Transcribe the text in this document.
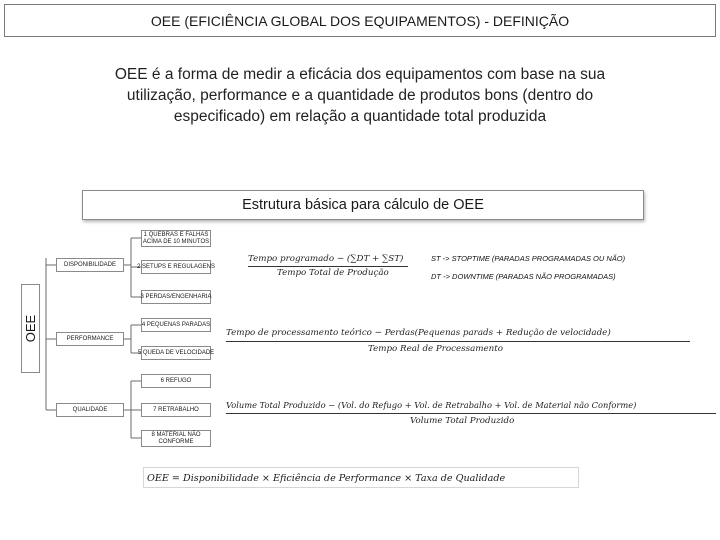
OEE (EFICIÊNCIA GLOBAL DOS EQUIPAMENTOS) - DEFINIÇÃO
OEE é a forma de medir a eficácia dos equipamentos com base na sua utilização, performance e a quantidade de produtos bons (dentro do especificado) em relação a quantidade total produzida
Estrutura básica para cálculo de OEE
OEE
DISPONIBILIDADE
PERFORMANCE
QUALIDADE
1 QUEBRAS E FALHAS ACIMA DE 10 MINUTOS
2 SETUPS E REGULAGENS
3 PERDAS/ENGENHARIA
4 PEQUENAS PARADAS
5 QUEDA DE VELOCIDADE
6 REFUGO
7 RETRABALHO
8 MATERIAL NÃO CONFORME
Tempo programado − (∑DT + ∑ST)
Tempo Total de Produção
ST -> STOPTIME (PARADAS PROGRAMADAS OU NÃO)
DT -> DOWNTIME (PARADAS NÃO PROGRAMADAS)
Tempo de processamento teórico − Perdas(Pequenas parads + Redução de velocidade)
Tempo Real de Processamento
Volume Total Produzido − (Vol. do Refugo + Vol. de Retrabalho + Vol. de Material não Conforme)
Volume Total Produzido
OEE = Disponibilidade × Eficiência de Performance × Taxa de Qualidade
